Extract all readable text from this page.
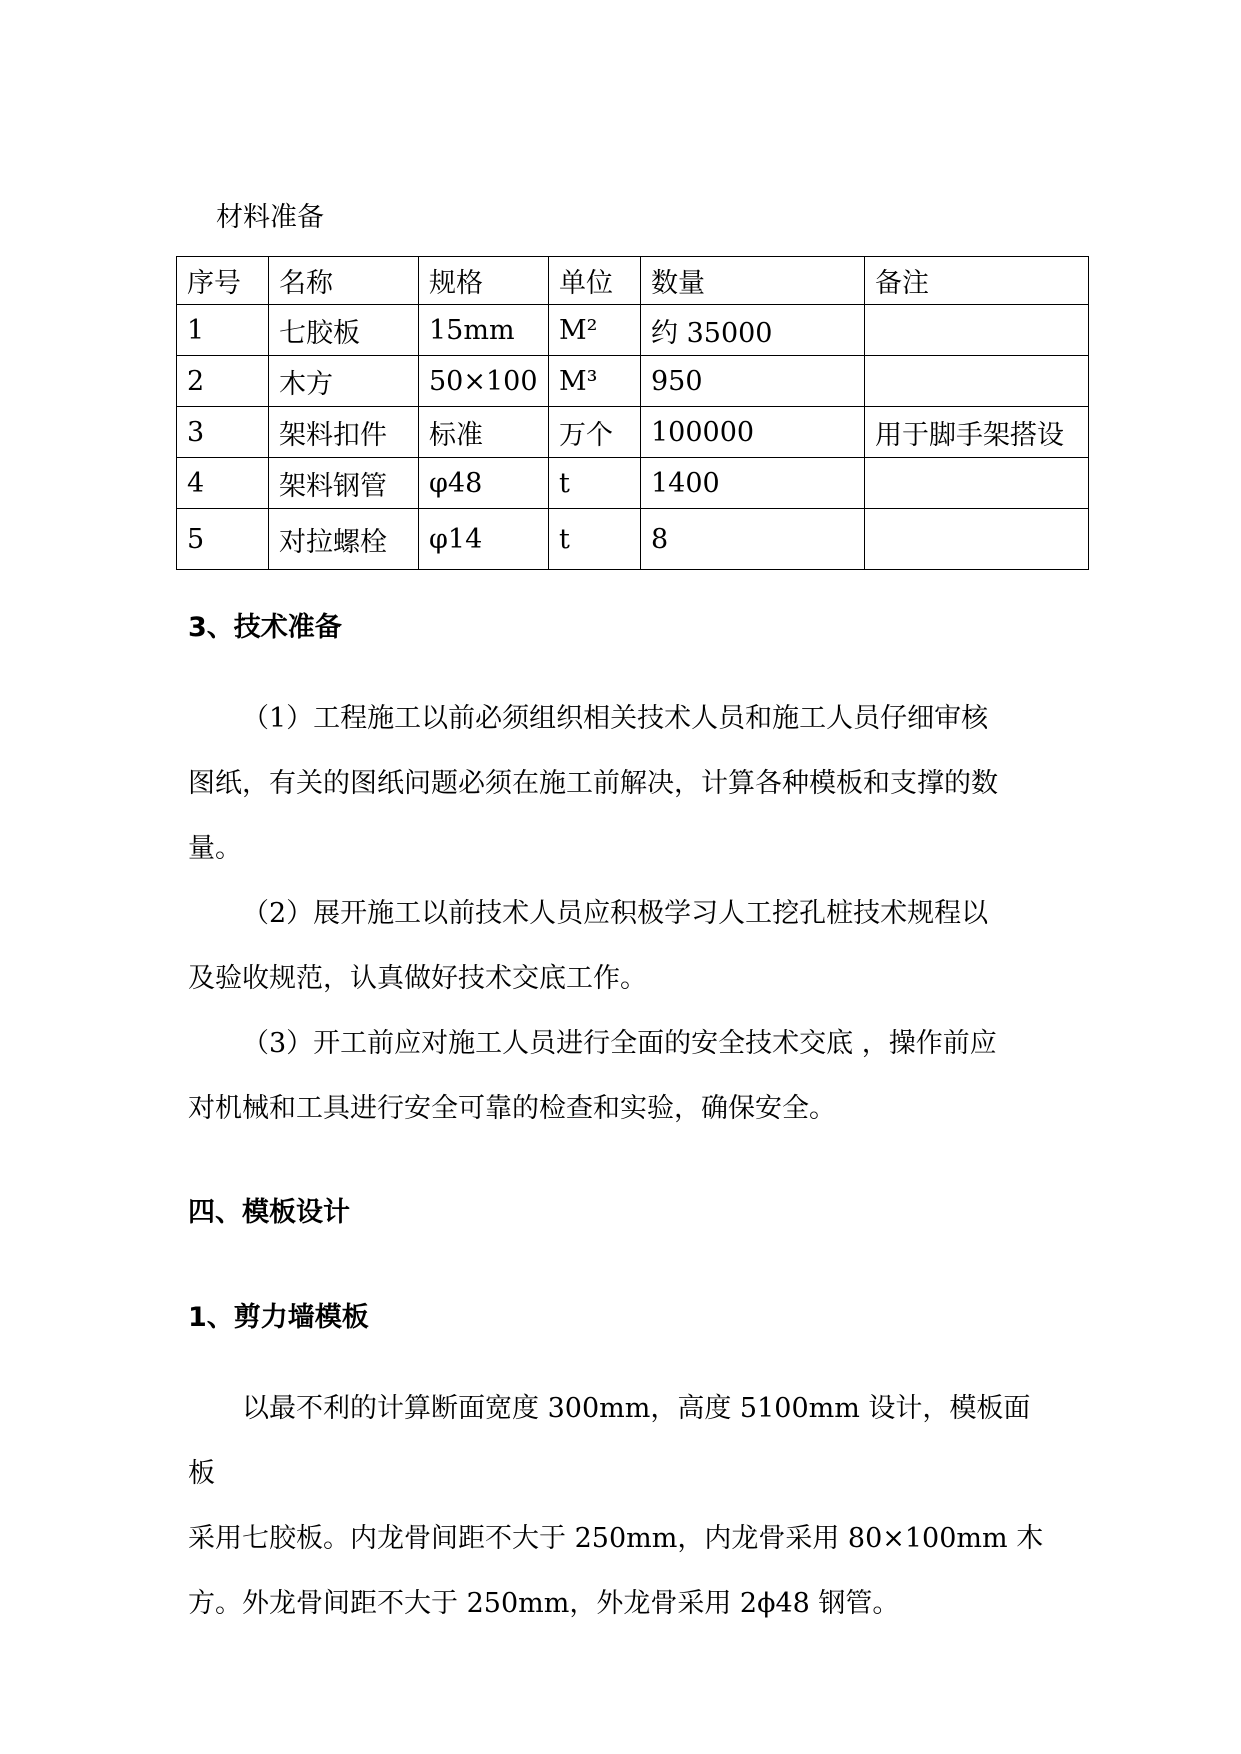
材料准备

序号	名称	规格	单位	数量	备注
1	七胶板	15mm	M²	约 35000	
2	木方	50×100	M³	950	
3	架料扣件	标准	万个	100000	用于脚手架搭设
4	架料钢管	φ48	t	1400	
5	对拉螺栓	φ14	t	8	
3、技术准备

（1）工程施工以前必须组织相关技术人员和施工人员仔细审核
图纸，有关的图纸问题必须在施工前解决，计算各种模板和支撑的数
量。

（2）展开施工以前技术人员应积极学习人工挖孔桩技术规程以
及验收规范，认真做好技术交底工作。

（3）开工前应对施工人员进行全面的安全技术交底 ，操作前应
对机械和工具进行安全可靠的检查和实验，确保安全。

四、模板设计
1、剪力墙模板

以最不利的计算断面宽度 300mm，高度 5100mm 设计，模板面板
采用七胶板。内龙骨间距不大于 250mm，内龙骨采用 80×100mm 木
方。外龙骨间距不大于 250mm，外龙骨采用 2ϕ48 钢管。
